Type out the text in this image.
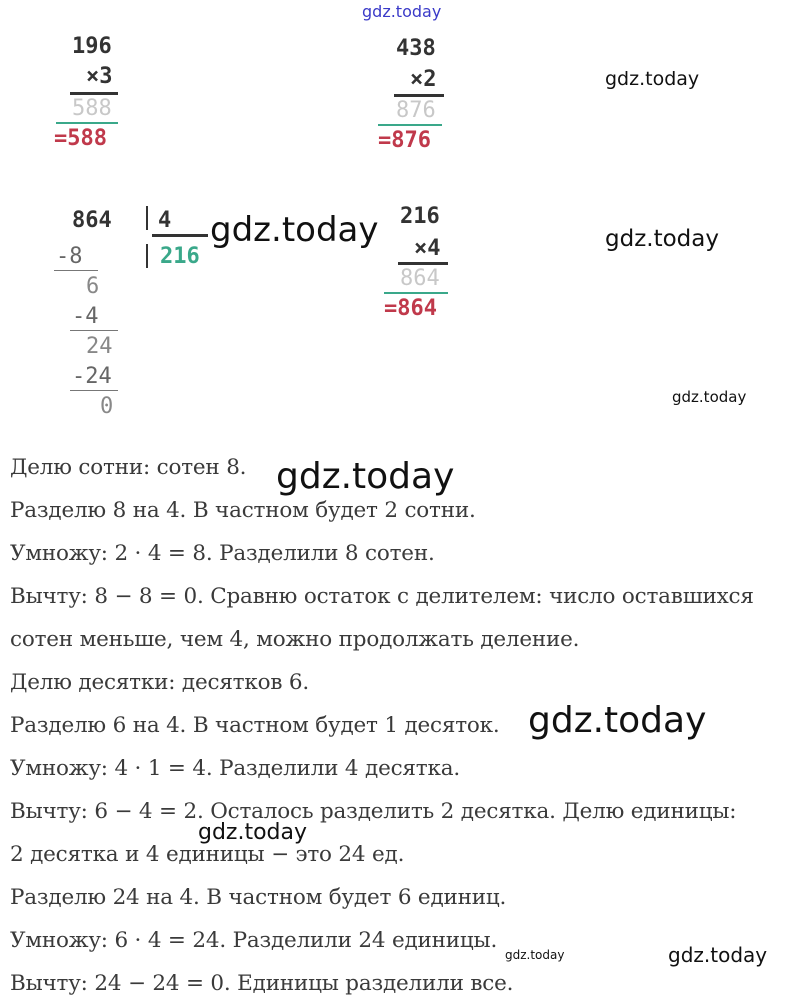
gdz.today
196
×3
588
=588
438
×2
876
=876
gdz.today
864 4
216
-8
6
-4
24
-24
0
gdz.today 216
×4
864
=864
gdz.today
gdz.today
Делю сотни: сотен 8.
Разделю 8 на 4. В частном будет 2 сотни.
Умножу: 2 · 4 = 8. Разделили 8 сотен.
Вычту: 8 − 8 = 0. Сравню остаток с делителем: число оставшихся
сотен меньше, чем 4, можно продолжать деление.
Делю десятки: десятков 6.
Разделю 6 на 4. В частном будет 1 десяток.
Умножу: 4 · 1 = 4. Разделили 4 десятка.
Вычту: 6 − 4 = 2. Осталось разделить 2 десятка. Делю единицы:
2 десятка и 4 единицы − это 24 ед.
Разделю 24 на 4. В частном будет 6 единиц.
Умножу: 6 · 4 = 24. Разделили 24 единицы.
Вычту: 24 − 24 = 0. Единицы разделили все.
gdz.today
gdz.today
gdz.today
gdz.today	gdz.today
